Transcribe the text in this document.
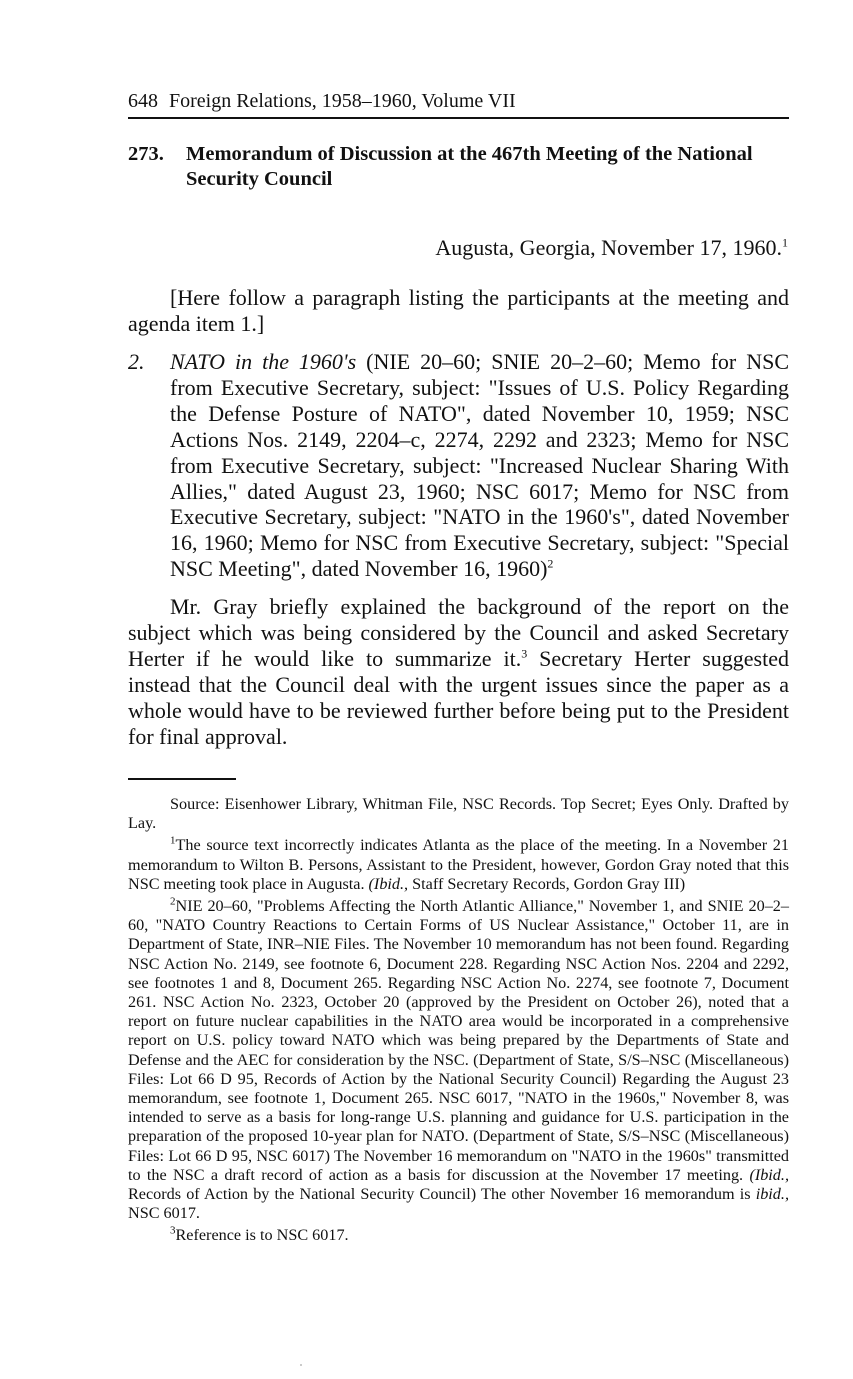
648 Foreign Relations, 1958–1960, Volume VII
273. Memorandum of Discussion at the 467th Meeting of the National Security Council
Augusta, Georgia, November 17, 1960.$^1$
[Here follow a paragraph listing the participants at the meeting and agenda item 1.]
2. NATO in the 1960's (NIE 20–60; SNIE 20–2–60; Memo for NSC from Executive Secretary, subject: "Issues of U.S. Policy Regarding the Defense Posture of NATO", dated November 10, 1959; NSC Actions Nos. 2149, 2204–c, 2274, 2292 and 2323; Memo for NSC from Executive Secretary, subject: "Increased Nuclear Sharing With Allies," dated August 23, 1960; NSC 6017; Memo for NSC from Executive Secretary, subject: "NATO in the 1960's", dated November 16, 1960; Memo for NSC from Executive Secretary, subject: "Special NSC Meeting", dated November 16, 1960)$^2$
Mr. Gray briefly explained the background of the report on the subject which was being considered by the Council and asked Secretary Herter if he would like to summarize it.$^3$ Secretary Herter suggested instead that the Council deal with the urgent issues since the paper as a whole would have to be reviewed further before being put to the President for final approval.

Source: Eisenhower Library, Whitman File, NSC Records. Top Secret; Eyes Only. Drafted by Lay.

$^1$The source text incorrectly indicates Atlanta as the place of the meeting. In a November 21 memorandum to Wilton B. Persons, Assistant to the President, however, Gordon Gray noted that this NSC meeting took place in Augusta. (Ibid., Staff Secretary Records, Gordon Gray III)

$^2$NIE 20–60, "Problems Affecting the North Atlantic Alliance," November 1, and SNIE 20–2–60, "NATO Country Reactions to Certain Forms of US Nuclear Assistance," October 11, are in Department of State, INR–NIE Files. The November 10 memorandum has not been found. Regarding NSC Action No. 2149, see footnote 6, Document 228. Regarding NSC Action Nos. 2204 and 2292, see footnotes 1 and 8, Document 265. Regarding NSC Action No. 2274, see footnote 7, Document 261. NSC Action No. 2323, October 20 (approved by the President on October 26), noted that a report on future nuclear capabilities in the NATO area would be incorporated in a comprehensive report on U.S. policy toward NATO which was being prepared by the Departments of State and Defense and the AEC for consideration by the NSC. (Department of State, S/S–NSC (Miscellaneous) Files: Lot 66 D 95, Records of Action by the National Security Council) Regarding the August 23 memorandum, see footnote 1, Document 265. NSC 6017, "NATO in the 1960s," November 8, was intended to serve as a basis for long-range U.S. planning and guidance for U.S. participation in the preparation of the proposed 10-year plan for NATO. (Department of State, S/S–NSC (Miscellaneous) Files: Lot 66 D 95, NSC 6017) The November 16 memorandum on "NATO in the 1960s" transmitted to the NSC a draft record of action as a basis for discussion at the November 17 meeting. (Ibid., Records of Action by the National Security Council) The other November 16 memorandum is ibid., NSC 6017.

$^3$Reference is to NSC 6017.
